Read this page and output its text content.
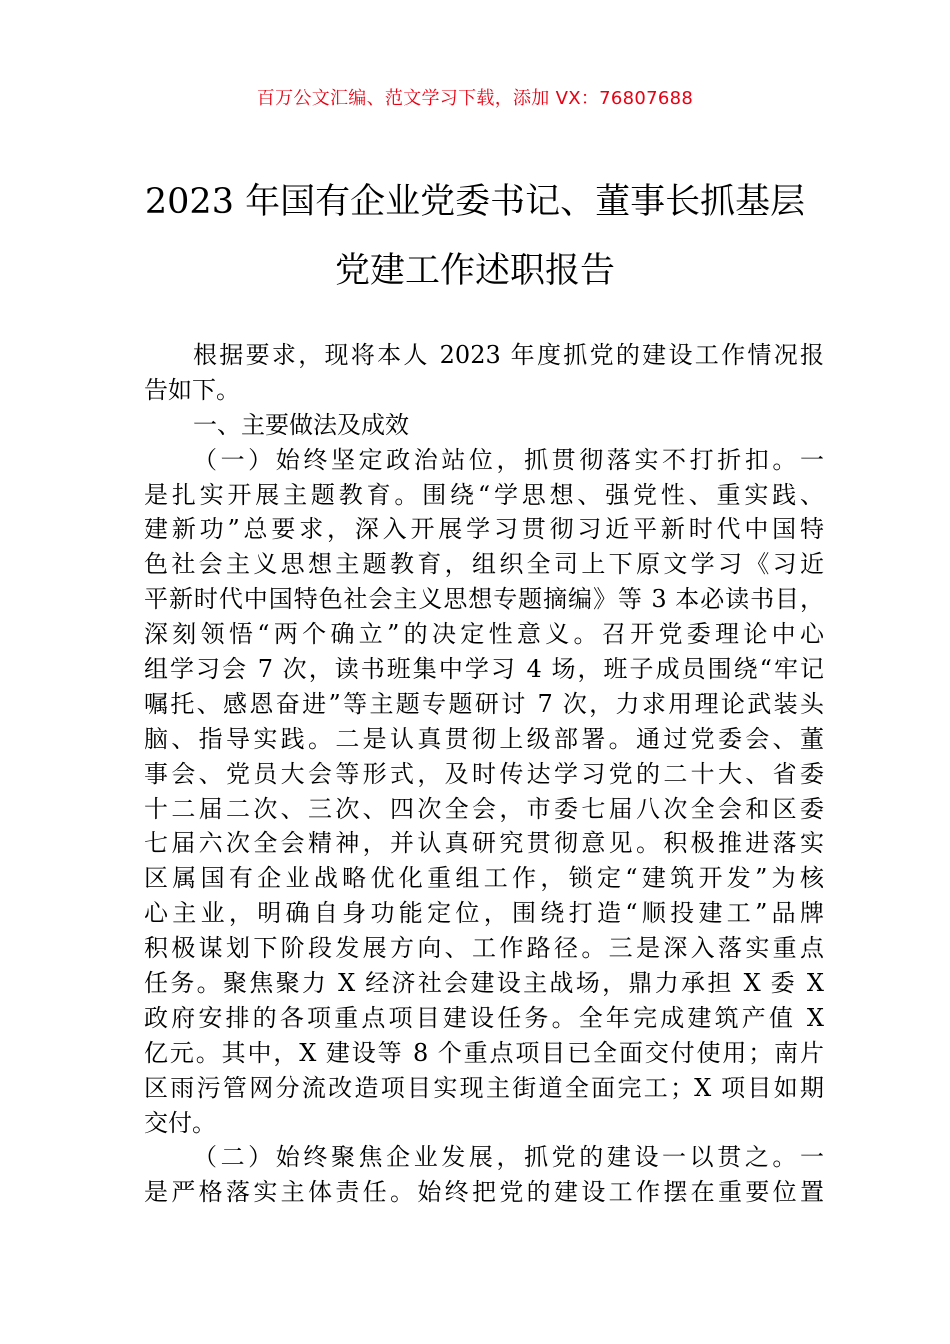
百万公文汇编、范文学习下载，添加 VX：76807688
2023 年国有企业党委书记、董事长抓基层
党建工作述职报告
根据要求，现将本人 2023 年度抓党的建设工作情况报
告如下。
一、主要做法及成效
（一）始终坚定政治站位，抓贯彻落实不打折扣。一
是扎实开展主题教育。围绕“学思想、强党性、重实践、
建新功”总要求，深入开展学习贯彻习近平新时代中国特
色社会主义思想主题教育，组织全司上下原文学习《习近
平新时代中国特色社会主义思想专题摘编》等 3 本必读书目，
深刻领悟“两个确立”的决定性意义。召开党委理论中心
组学习会 7 次，读书班集中学习 4 场，班子成员围绕“牢记
嘱托、感恩奋进”等主题专题研讨 7 次，力求用理论武装头
脑、指导实践。二是认真贯彻上级部署。通过党委会、董
事会、党员大会等形式，及时传达学习党的二十大、省委
十二届二次、三次、四次全会，市委七届八次全会和区委
七届六次全会精神，并认真研究贯彻意见。积极推进落实
区属国有企业战略优化重组工作，锁定“建筑开发”为核
心主业，明确自身功能定位，围绕打造“顺投建工”品牌
积极谋划下阶段发展方向、工作路径。三是深入落实重点
任务。聚焦聚力 X 经济社会建设主战场，鼎力承担 X 委 X
政府安排的各项重点项目建设任务。全年完成建筑产值 X
亿元。其中，X 建设等 8 个重点项目已全面交付使用；南片
区雨污管网分流改造项目实现主街道全面完工；X 项目如期
交付。
（二）始终聚焦企业发展，抓党的建设一以贯之。一
是严格落实主体责任。始终把党的建设工作摆在重要位置
